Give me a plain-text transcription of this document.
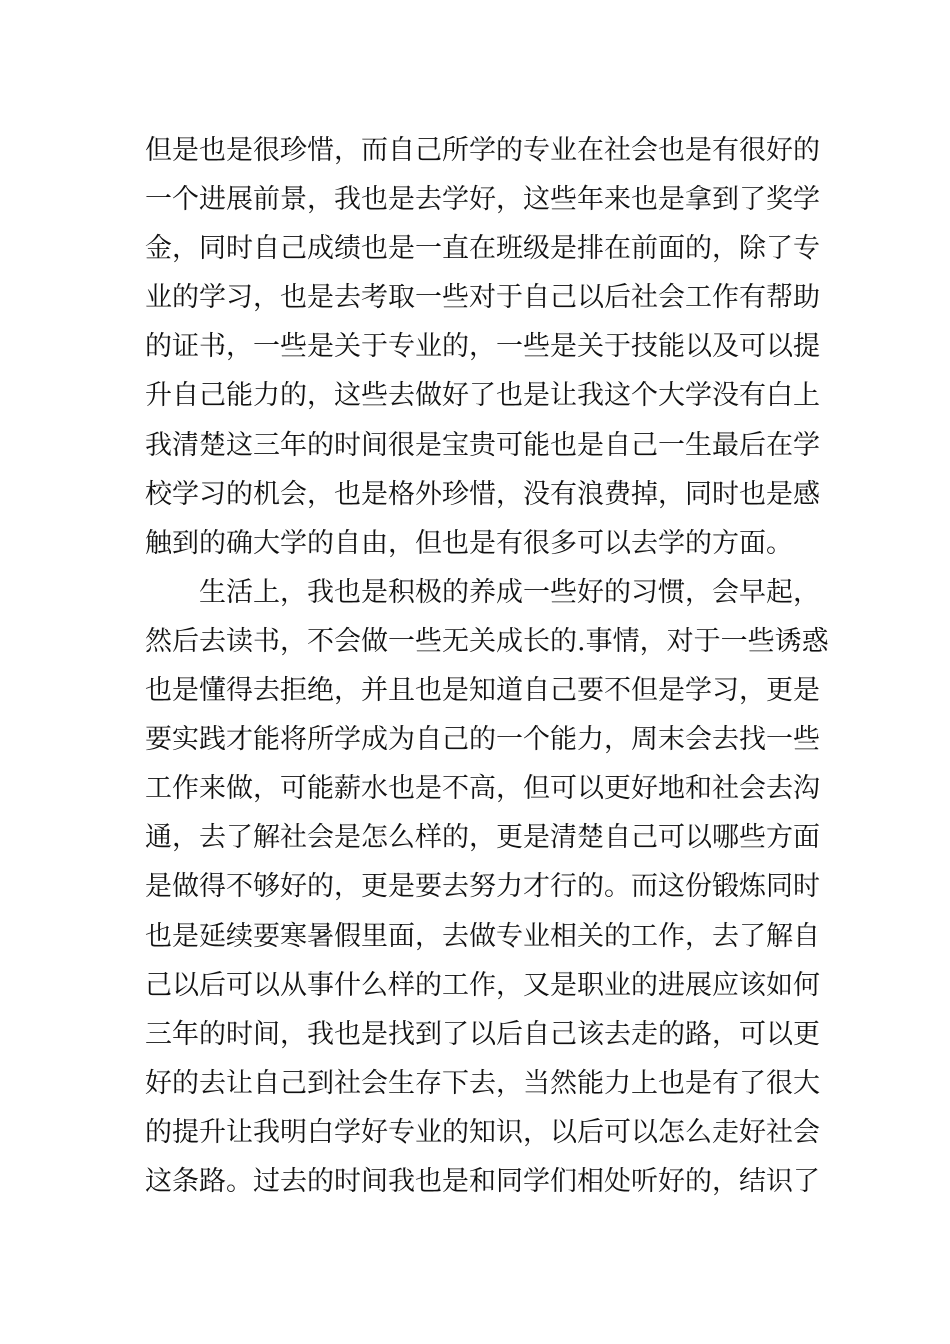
但是也是很珍惜，而自己所学的专业在社会也是有很好的
一个进展前景，我也是去学好，这些年来也是拿到了奖学
金，同时自己成绩也是一直在班级是排在前面的，除了专
业的学习，也是去考取一些对于自己以后社会工作有帮助
的证书，一些是关于专业的，一些是关于技能以及可以提
升自己能力的，这些去做好了也是让我这个大学没有白上
我清楚这三年的时间很是宝贵可能也是自己一生最后在学
校学习的机会，也是格外珍惜，没有浪费掉，同时也是感
触到的确大学的自由，但也是有很多可以去学的方面。
生活上，我也是积极的养成一些好的习惯，会早起，
然后去读书，不会做一些无关成长的.事情，对于一些诱惑
也是懂得去拒绝，并且也是知道自己要不但是学习，更是
要实践才能将所学成为自己的一个能力，周末会去找一些
工作来做，可能薪水也是不高，但可以更好地和社会去沟
通，去了解社会是怎么样的，更是清楚自己可以哪些方面
是做得不够好的，更是要去努力才行的。而这份锻炼同时
也是延续要寒暑假里面，去做专业相关的工作，去了解自
己以后可以从事什么样的工作，又是职业的进展应该如何
三年的时间，我也是找到了以后自己该去走的路，可以更
好的去让自己到社会生存下去，当然能力上也是有了很大
的提升让我明白学好专业的知识，以后可以怎么走好社会
这条路。过去的时间我也是和同学们相处听好的，结识了
